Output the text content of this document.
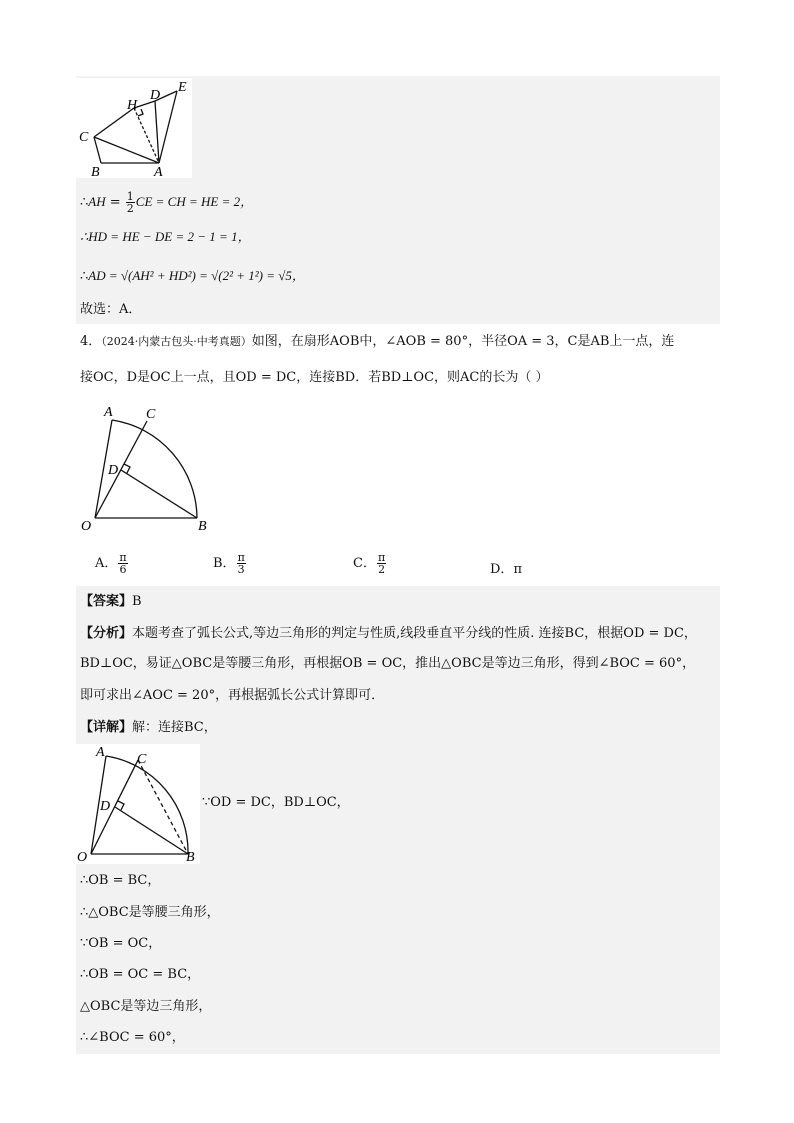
C
H
D
E
B	A
∴AH = $\frac{1}{2}$ CE = CH = HE = 2，
∴HD = HE − DE = 2 − 1 = 1，
∴AD = √(AH² + HD²) = √(2² + 1²) = √5，
故选：A．
4．（2024·内蒙古包头·中考真题）如图，在扇形AOB中，∠AOB = 80°，半径OA = 3，C是AB上一点，连
接OC，D是OC上一点，且OD = DC，连接BD．若BD⊥OC，则AC的长为（ ）
A C
D
O	B
A． $\frac{\pi}{6}$	B． $\frac{\pi}{3}$	C． $\frac{\pi}{2}$	D．π
【答案】B
【分析】本题考查了弧长公式,等边三角形的判定与性质,线段垂直平分线的性质. 连接BC，根据OD = DC，
BD⊥OC，易证△OBC是等腰三角形，再根据OB = OC，推出△OBC是等边三角形，得到∠BOC = 60°，
即可求出∠AOC = 20°，再根据弧长公式计算即可．
【详解】解：连接BC，
A C
D
O	B
∵OD = DC，BD⊥OC，
∴OB = BC，
∴△OBC是等腰三角形，
∵OB = OC，
∴OB = OC = BC，
△OBC是等边三角形，
∴∠BOC = 60°，
